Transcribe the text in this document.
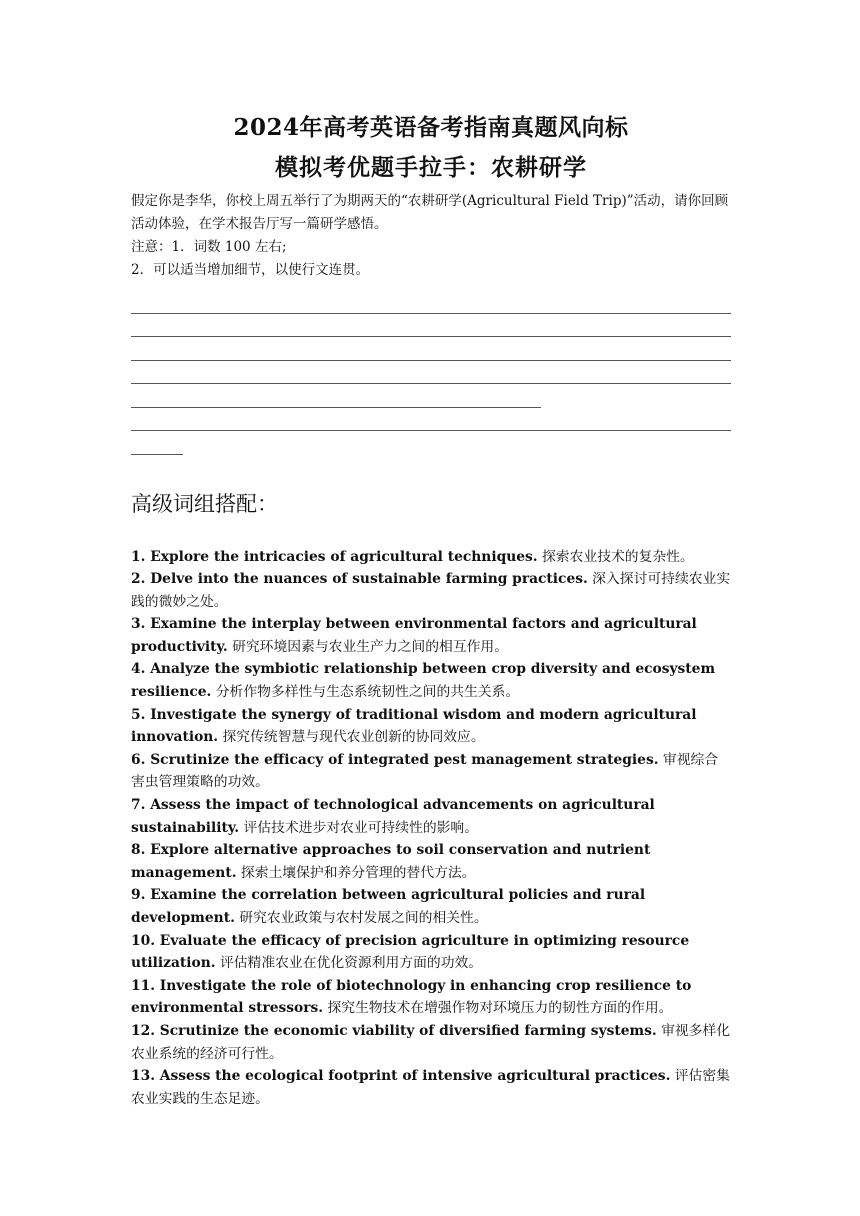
2024年高考英语备考指南真题风向标
模拟考优题手拉手：农耕研学

假定你是李华，你校上周五举行了为期两天的“农耕研学(Agricultural Field Trip)”活动，请你回顾活动体验，在学术报告厅写一篇研学感悟。

注意：1．词数 100 左右;

2．可以适当增加细节，以使行文连贯。

高级词组搭配：

1. Explore the intricacies of agricultural techniques. 探索农业技术的复杂性。

2. Delve into the nuances of sustainable farming practices. 深入探讨可持续农业实践的微妙之处。

3. Examine the interplay between environmental factors and agricultural productivity. 研究环境因素与农业生产力之间的相互作用。

4. Analyze the symbiotic relationship between crop diversity and ecosystem resilience. 分析作物多样性与生态系统韧性之间的共生关系。

5. Investigate the synergy of traditional wisdom and modern agricultural innovation. 探究传统智慧与现代农业创新的协同效应。

6. Scrutinize the efficacy of integrated pest management strategies. 审视综合害虫管理策略的功效。

7. Assess the impact of technological advancements on agricultural sustainability. 评估技术进步对农业可持续性的影响。

8. Explore alternative approaches to soil conservation and nutrient management. 探索土壤保护和养分管理的替代方法。

9. Examine the correlation between agricultural policies and rural development. 研究农业政策与农村发展之间的相关性。

10. Evaluate the efficacy of precision agriculture in optimizing resource utilization. 评估精准农业在优化资源利用方面的功效。

11. Investigate the role of biotechnology in enhancing crop resilience to environmental stressors. 探究生物技术在增强作物对环境压力的韧性方面的作用。

12. Scrutinize the economic viability of diversified farming systems. 审视多样化农业系统的经济可行性。

13. Assess the ecological footprint of intensive agricultural practices. 评估密集农业实践的生态足迹。
